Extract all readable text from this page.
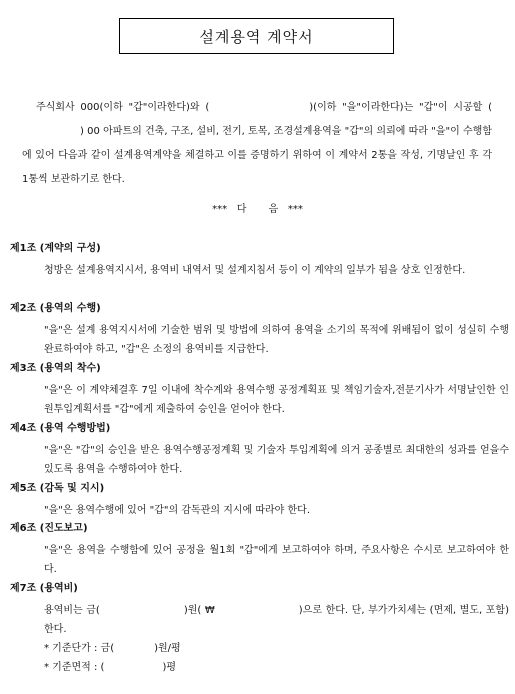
설계용역 계약서
주식회사 000(이하 "갑"이라한다)와 (	)(이하 "을"이라한다)는 "갑"이 시공할 () 00 아파트의 건축, 구조, 설비, 전기, 토목, 조경설계용역을 "갑"의 의뢰에 따라 "을"이 수행함에 있어 다음과 같이 설계용역계약을 체결하고 이를 증명하기 위하여 이 계약서 2통을 작성, 기명날인 후 각 1통씩 보관하기로 한다.
***   다       음   ***
제1조 (계약의 구성)
청방은 설계용역지시서, 용역비 내역서 및 설계지침서 등이 이 계약의 일부가 됨을 상호 인정한다.
제2조 (용역의 수행)
"을"은 설계 용역지시서에 기술한 범위 및 방법에 의하여 용역을 소기의 목적에 위배됨이 없이 성실히 수행완료하여야 하고, "갑"은 소정의 용역비를 지급한다.
제3조 (용역의 착수)
"을"은 이 계약체결후 7일 이내에 착수계와 용역수행 공정계획표 및 책임기술자,전문기사가 서명날인한 인원투입계획서를 "갑"에게 제출하여 승인을 얻어야 한다.
제4조 (용역 수행방법)
"을"은 "갑"의 승인을 받은 용역수행공정계획 및 기술자 투입계획에 의거 공종별로 최대한의 성과를 얻을수 있도록 용역을 수행하여야 한다.
제5조 (감독 및 지시)
"을"은 용역수행에 있어 "갑"의 감독관의 지시에 따라야 한다.
제6조 (진도보고)
"을"은 용역을 수행함에 있어 공정을 월1회 "갑"에게 보고하여야 하며, 주요사항은 수시로 보고하여야 한다.
제7조 (용역비)
용역비는 금(	)원( ₩	)으로 한다. 단, 부가가치세는 (면제, 별도, 포함)한다.
* 기준단가 : 금(	)원/평
* 기준면적 : (	)평
